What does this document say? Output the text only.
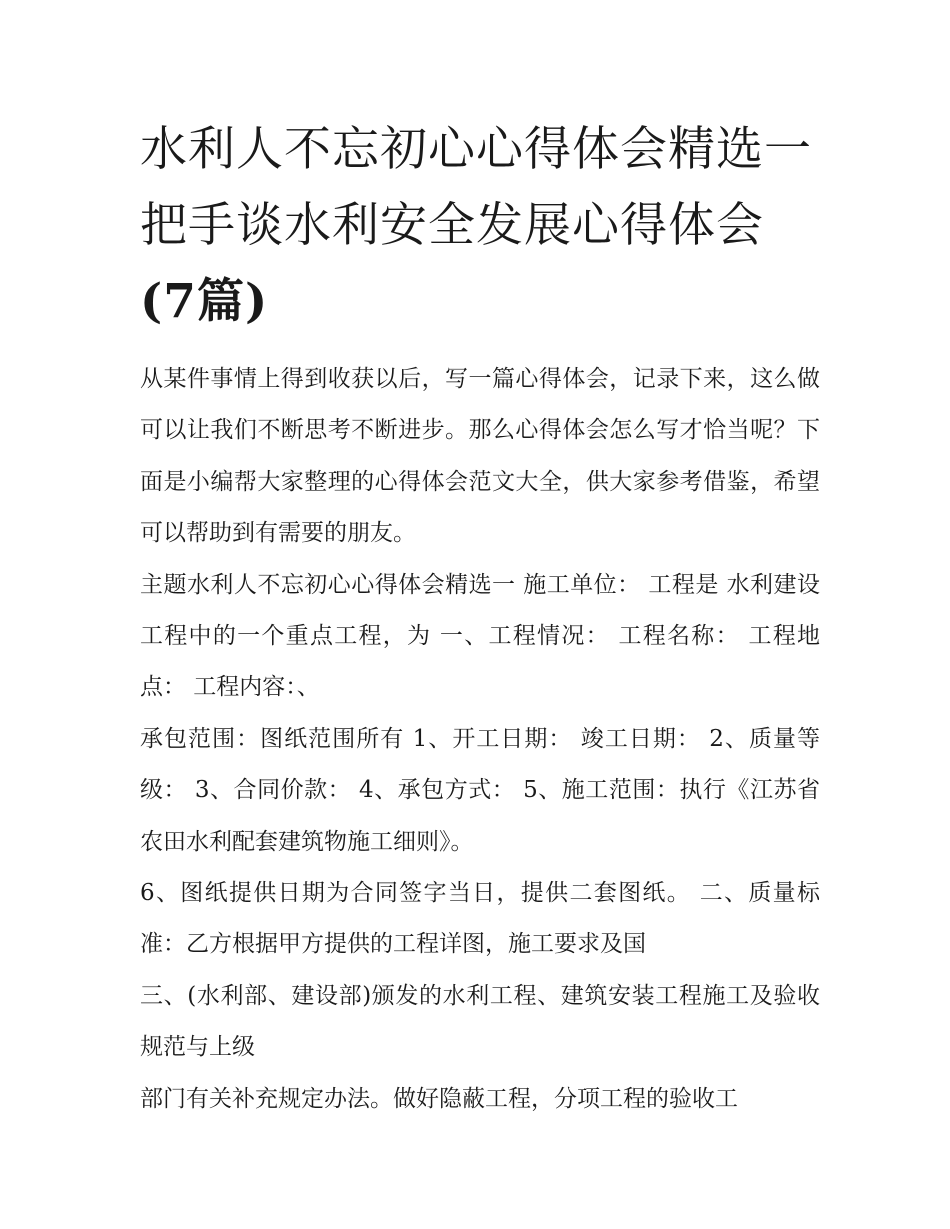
水利人不忘初心心得体会精选一把手谈水利安全发展心得体会(7篇)

从某件事情上得到收获以后，写一篇心得体会，记录下来，这么做可以让我们不断思考不断进步。那么心得体会怎么写才恰当呢？下面是小编帮大家整理的心得体会范文大全，供大家参考借鉴，希望可以帮助到有需要的朋友。

主题水利人不忘初心心得体会精选一 施工单位： 工程是 水利建设工程中的一个重点工程，为 一、工程情况： 工程名称： 工程地点： 工程内容：、

承包范围：图纸范围所有 1、开工日期： 竣工日期： 2、质量等级： 3、合同价款： 4、承包方式： 5、施工范围：执行《江苏省农田水利配套建筑物施工细则》。

6、图纸提供日期为合同签字当日，提供二套图纸。 二、质量标准：乙方根据甲方提供的工程详图，施工要求及国

三、(水利部、建设部)颁发的水利工程、建筑安装工程施工及验收规范与上级

部门有关补充规定办法。做好隐蔽工程，分项工程的验收工
